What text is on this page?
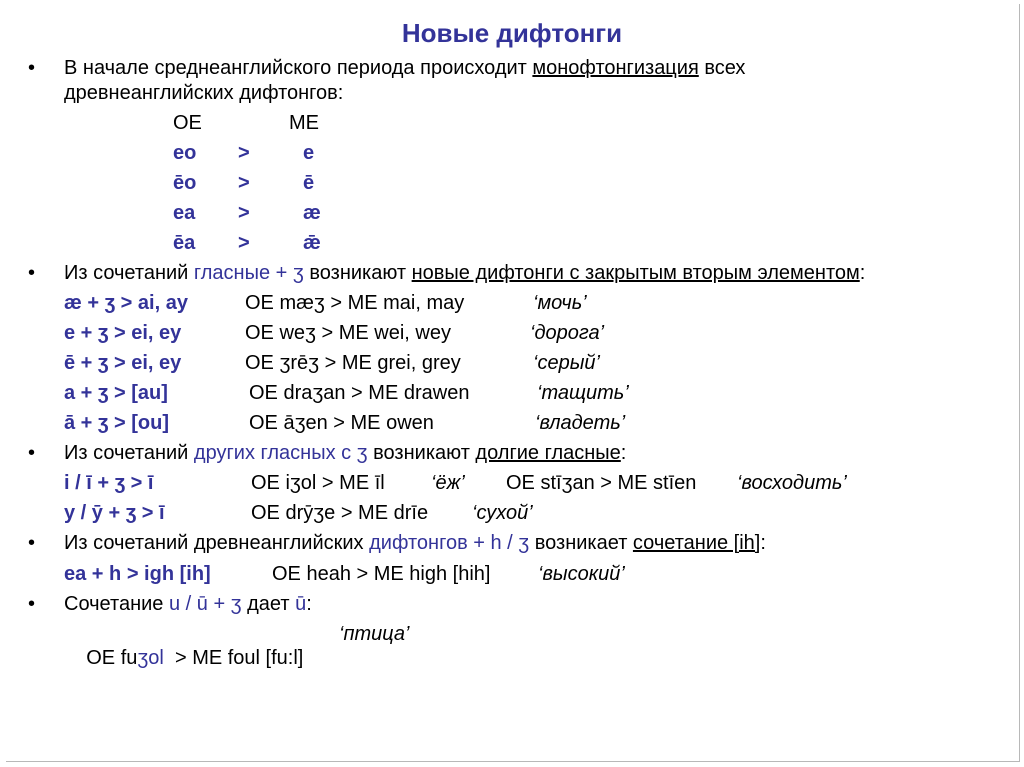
Новые дифтонги
• В начале среднеанглийского периода происходит монофтонгизация всех
древнеанглийских дифтонгов:
OE	ME
eo >	e
ēo >	ē
ea >	æ
ēa >	ǣ
• Из сочетаний гласные + ʒ возникают новые дифтонги с закрытым вторым элементом:
æ + ʒ > ai, ay	OE mæʒ > ME mai, may	‘мочь’
e + ʒ > ei, ey	OE weʒ > ME wei, wey	‘дорога’
ē + ʒ > ei, ey	OE ʒrēʒ > ME grei, grey	‘серый’
a + ʒ > [au]	OE draʒan > ME drawen	‘тащить’
ā + ʒ > [ou]	OE āʒen > ME owen	‘владеть’
• Из сочетаний других гласных с ʒ возникают долгие гласные:
i / ī + ʒ > ī	OE iʒol > ME īl ‘ёж’ OE stīʒan > ME stīen ‘восходить’
y / ȳ + ʒ > ī	OE drȳʒe > ME drīe ‘сухой’
• Из сочетаний древнеанглийских дифтонгов + h / ʒ возникает сочетание [ih]:
ea + h > igh [ih]	OE heah > ME high [hih] ‘высокий’
• Сочетание u / ū + ʒ дает ū:

OE fuʒol  > ME foul [fu:l]

‘птица’
